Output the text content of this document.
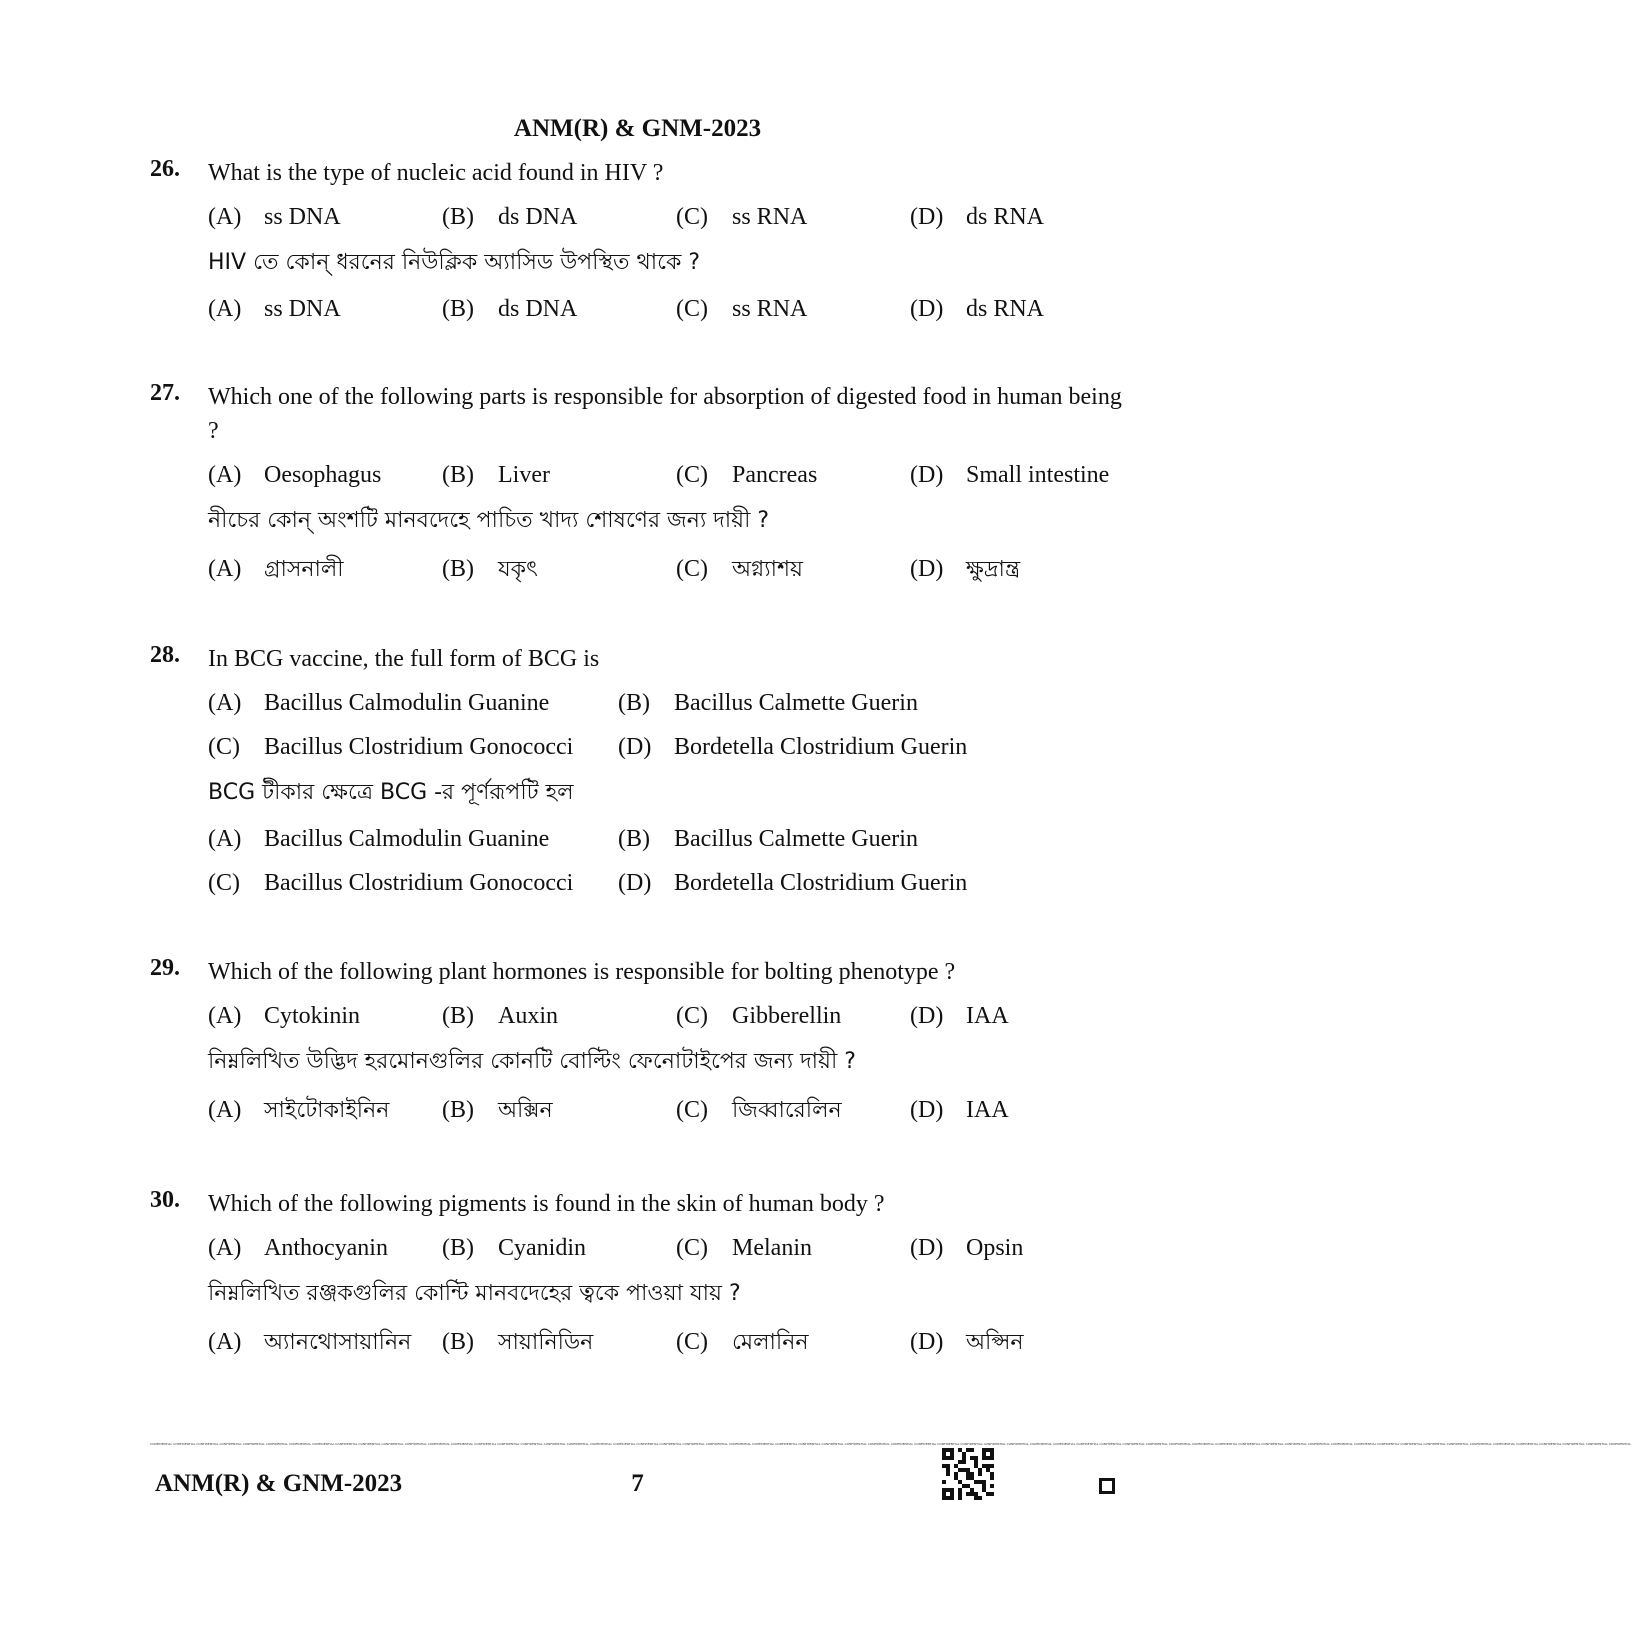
ANM(R) & GNM-2023
26. What is the type of nucleic acid found in HIV ?
(A) ss DNA	(B) ds DNA	(C) ss RNA	(D) ds RNA
HIV তে কোন্ ধরনের নিউক্লিক অ্যাসিড উপস্থিত থাকে ?
(A) ss DNA	(B) ds DNA	(C) ss RNA	(D) ds RNA
27. Which one of the following parts is responsible for absorption of digested food in human being ?
(A) Oesophagus	(B) Liver	(C) Pancreas	(D) Small intestine
নীচের কোন্ অংশটি মানবদেহে পাচিত খাদ্য শোষণের জন্য দায়ী ?
(A) গ্রাসনালী	(B) যকৃৎ	(C) অগ্ন্যাশয়	(D) ক্ষুদ্রান্ত্র
28. In BCG vaccine, the full form of BCG is
(A) Bacillus Calmodulin Guanine	(B) Bacillus Calmette Guerin
(C) Bacillus Clostridium Gonococci (D) Bordetella Clostridium Guerin
BCG টীকার ক্ষেত্রে BCG -র পূর্ণরূপটি হল
(A) Bacillus Calmodulin Guanine	(B) Bacillus Calmette Guerin
(C) Bacillus Clostridium Gonococci (D) Bordetella Clostridium Guerin
29. Which of the following plant hormones is responsible for bolting phenotype ?
(A) Cytokinin	(B) Auxin	(C) Gibberellin	(D) IAA
নিম্নলিখিত উদ্ভিদ হরমোনগুলির কোনটি বোল্টিং ফেনোটাইপের জন্য দায়ী ?
(A) সাইটোকাইনিন (B) অক্সিন	(C) জিব্বারেলিন	(D) IAA
30. Which of the following pigments is found in the skin of human body ?
(A) Anthocyanin (B) Cyanidin	(C) Melanin	(D) Opsin
নিম্নলিখিত রঞ্জকগুলির কোন্টি মানবদেহের ত্বকে পাওয়া যায় ?
(A) অ্যানথোসায়ানিন (B) সায়ানিডিন	(C) মেলানিন	(D) অপ্সিন
CONFIDENTIAL CONFIDENTIAL CONFIDENTIAL CONFIDENTIAL CONFIDENTIAL CONFIDENTIAL CONFIDENTIAL CONFIDENTIAL CONFIDENTIAL CONFIDENTIAL CONFIDENTIAL CONFIDENTIAL CONFIDENTIAL CONFIDENTIAL CONFIDENTIAL CONFIDENTIAL CONFIDENTIAL CONFIDENTIAL CONFIDENTIAL CONFIDENTIAL CONFIDENTIAL CONFIDENTIAL CONFIDENTIAL CONFIDENTIAL CONFIDENTIAL CONFIDENTIAL CONFIDENTIAL CONFIDENTIAL CONFIDENTIAL CONFIDENTIAL CONFIDENTIAL CONFIDENTIAL CONFIDENTIAL CONFIDENTIAL CONFIDENTIAL CONFIDENTIAL CONFIDENTIAL CONFIDENTIAL CONFIDENTIAL CONFIDENTIAL CONFIDENTIAL CONFIDENTIAL CONFIDENTIAL CONFIDENTIAL CONFIDENTIAL CONFIDENTIAL CONFIDENTIAL CONFIDENTIAL CONFIDENTIAL CONFIDENTIAL CONFIDENTIAL CONFIDENTIAL CONFIDENTIAL CONFIDENTIAL CONFIDENTIAL CONFIDENTIAL CONFIDENTIAL CONFIDENTIAL CONFIDENTIAL CONFIDENTIAL CONFIDENTIAL CONFIDENTIAL CONFIDENTIAL CONFIDENTIAL
ANM(R) & GNM-2023	7
